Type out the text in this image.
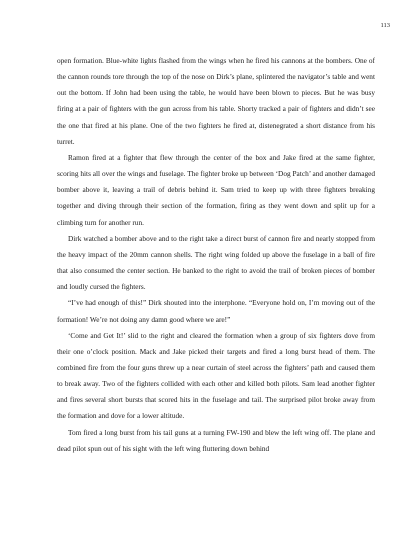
113

open formation. Blue-white lights flashed from the wings when he fired his cannons at the bombers. One of the cannon rounds tore through the top of the nose on Dirk’s plane, splintered the navigator’s table and went out the bottom. If John had been using the table, he would have been blown to pieces. But he was busy firing at a pair of fighters with the gun across from his table. Shorty tracked a pair of fighters and didn’t see the one that fired at his plane. One of the two fighters he fired at, distenegrated a short distance from his turret.

Ramon fired at a fighter that flew through the center of the box and Jake fired at the same fighter, scoring hits all over the wings and fuselage. The fighter broke up between ‘Dog Patch’ and another damaged bomber above it, leaving a trail of debris behind it. Sam tried to keep up with three fighters breaking together and diving through their section of the formation, firing as they went down and split up for a climbing turn for another run.

Dirk watched a bomber above and to the right take a direct burst of cannon fire and nearly stopped from the heavy impact of the 20mm cannon shells. The right wing folded up above the fuselage in a ball of fire that also consumed the center section. He banked to the right to avoid the trail of broken pieces of bomber and loudly cursed the fighters.

“I’ve had enough of this!” Dirk shouted into the interphone. “Everyone hold on, I’m moving out of the formation! We’re not doing any damn good where we are!”

‘Come and Get It!’ slid to the right and cleared the formation when a group of six fighters dove from their one o’clock position. Mack and Jake picked their targets and fired a long burst head of them. The combined fire from the four guns threw up a near curtain of steel across the fighters’ path and caused them to break away. Two of the fighters collided with each other and killed both pilots. Sam lead another fighter and fires several short bursts that scored hits in the fuselage and tail. The surprised pilot broke away from the formation and dove for a lower altitude.

Tom fired a long burst from his tail guns at a turning FW-190 and blew the left wing off. The plane and dead pilot spun out of his sight with the left wing fluttering down behind
